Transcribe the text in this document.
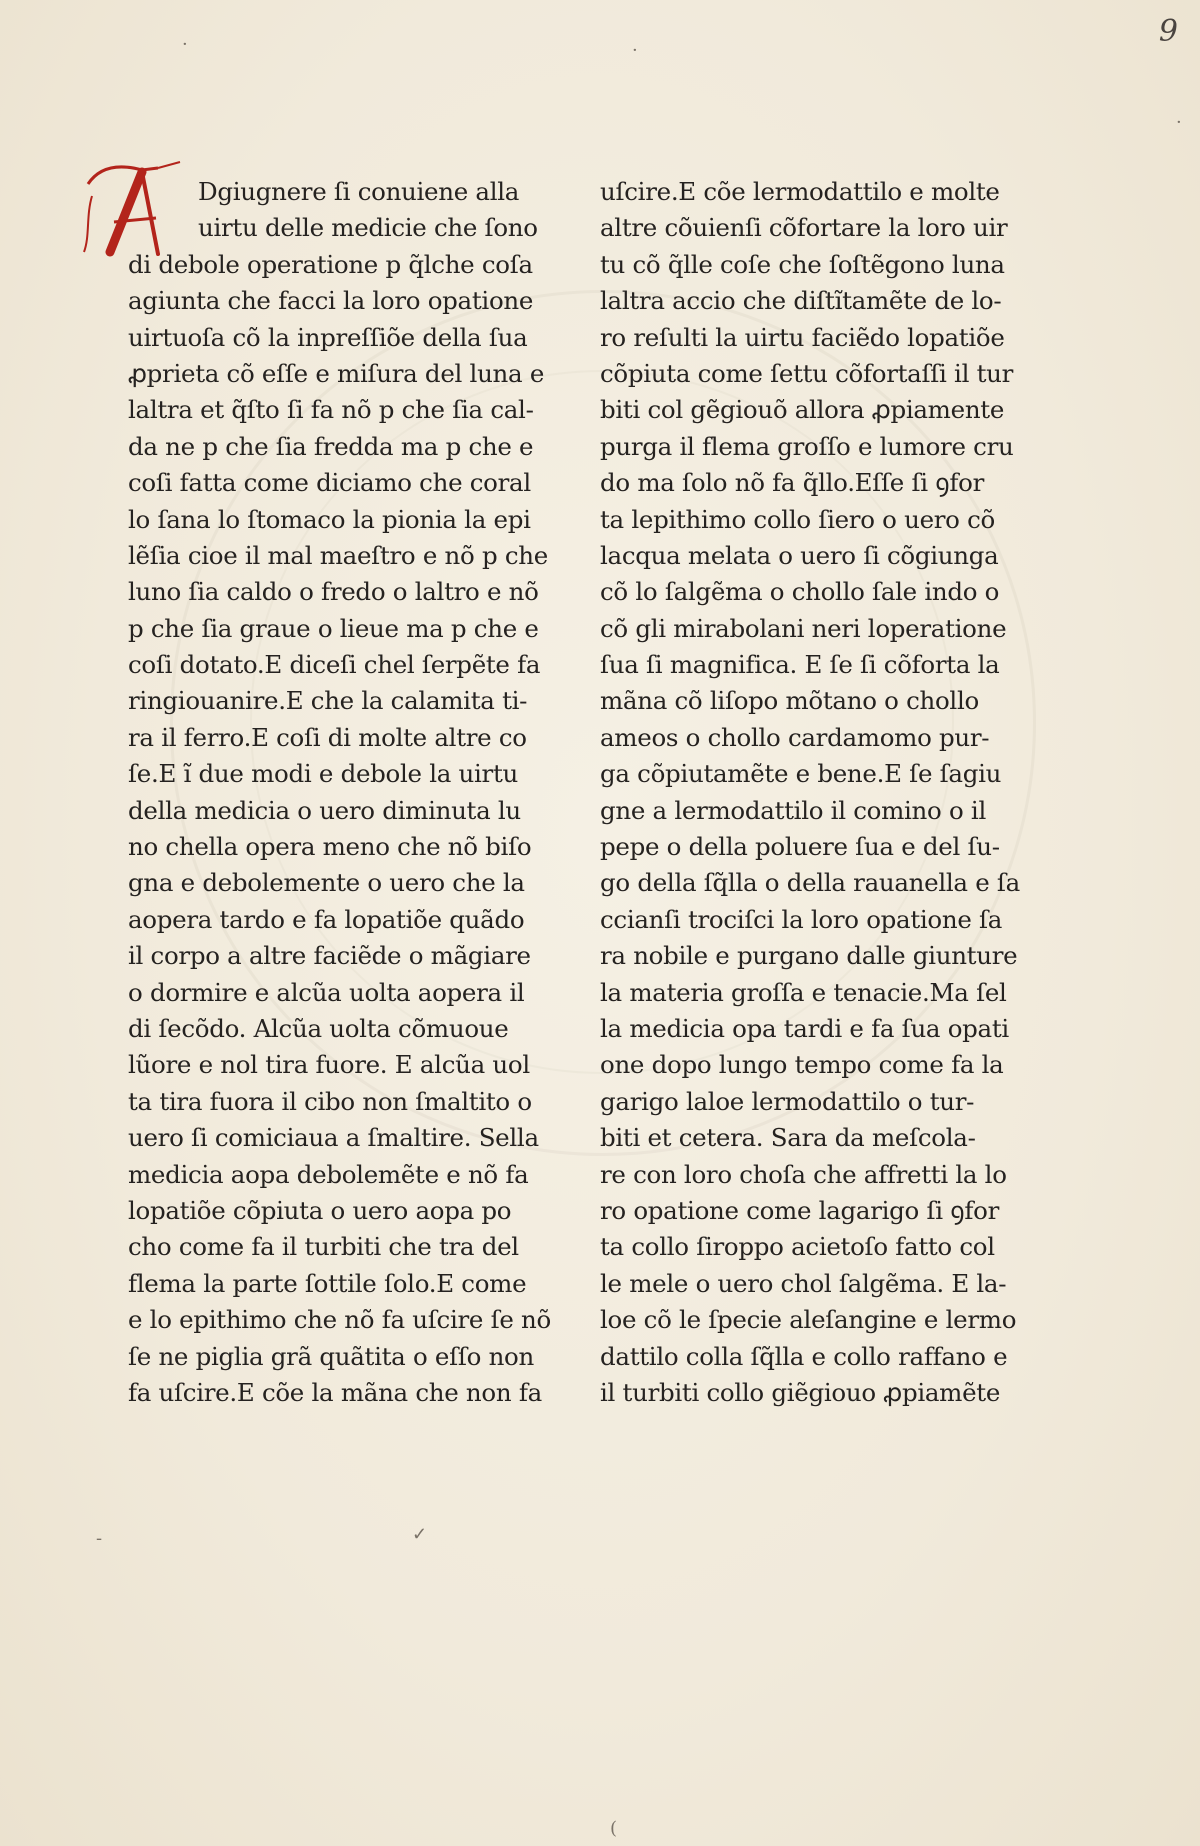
9
Dgiugnere ſi conuiene alla
uirtu delle medicie che ſono
di debole operatione p q̃lche coſa
agiunta che facci la loro opatione
uirtuoſa cõ la inpreſſiõe della ſua
ꝓprieta cõ eſſe e miſura del luna e
laltra et q̃ſto ſi fa nõ p che ſia cal-
da ne p che ſia fredda ma p che e
coſi fatta come diciamo che coral
lo ſana lo ſtomaco la pionia la epi
lẽſia cioe il mal maeſtro e nõ p che
luno ſia caldo o fredo o laltro e nõ
p che ſia graue o lieue ma p che e
coſi dotato.E diceſi chel ſerpẽte fa
ringiouanire.E che la calamita ti-
ra il ferro.E coſi di molte altre co
ſe.E ĩ due modi e debole la uirtu
della medicia o uero diminuta lu
no chella opera meno che nõ biſo
gna e debolemente o uero che la
aopera tardo e fa lopatiõe quãdo
il corpo a altre faciẽde o mãgiare
o dormire e alcũa uolta aopera il
di ſecõdo. Alcũa uolta cõmuoue
lũore e nol tira fuore. E alcũa uol
ta tira fuora il cibo non ſmaltito o
uero ſi comiciaua a ſmaltire. Sella
medicia aopa debolemẽte e nõ fa
lopatiõe cõpiuta o uero aopa po
cho come fa il turbiti che tra del
flema la parte ſottile ſolo.E come
e lo epithimo che nõ fa uſcire ſe nõ
ſe ne piglia grã quãtita o eſſo non
fa uſcire.E cõe la mãna che non fa
uſcire.E cõe lermodattilo e molte
altre cõuienſi cõfortare la loro uir
tu cõ q̃lle coſe che ſoſtẽgono luna
laltra accio che diſtĩtamẽte de lo-
ro reſulti la uirtu faciẽdo lopatiõe
cõpiuta come ſettu cõfortaſſi il tur
biti col gẽgiouõ allora ꝓpiamente
purga il flema groſſo e lumore cru
do ma ſolo nõ fa q̃llo.Eſſe ſi ꝯfor
ta lepithimo collo ſiero o uero cõ
lacqua melata o uero ſi cõgiunga
cõ lo ſalgẽma o chollo ſale indo o
cõ gli mirabolani neri loperatione
ſua ſi magnifica. E ſe ſi cõforta la
mãna cõ liſopo mõtano o chollo
ameos o chollo cardamomo pur-
ga cõpiutamẽte e bene.E ſe ſagiu
gne a lermodattilo il comino o il
pepe o della poluere ſua e del ſu-
go della ſq̃lla o della rauanella e ſa
ccianſi trociſci la loro opatione ſa
ra nobile e purgano dalle giunture
la materia groſſa e tenacie.Ma ſel
la medicia opa tardi e fa ſua opati
one dopo lungo tempo come fa la
garigo laloe lermodattilo o tur-
biti et cetera. Sara da meſcola-
re con loro choſa che affretti la lo
ro opatione come lagarigo ſi ꝯfor
ta collo ſiroppo acietoſo fatto col
le mele o uero chol ſalgẽma. E la-
loe cõ le ſpecie aleſangine e lermo
dattilo colla ſq̃lla e collo raffano e
il turbiti collo giẽgiouo ꝓpiamẽte
·	·
·
✓
-
(
